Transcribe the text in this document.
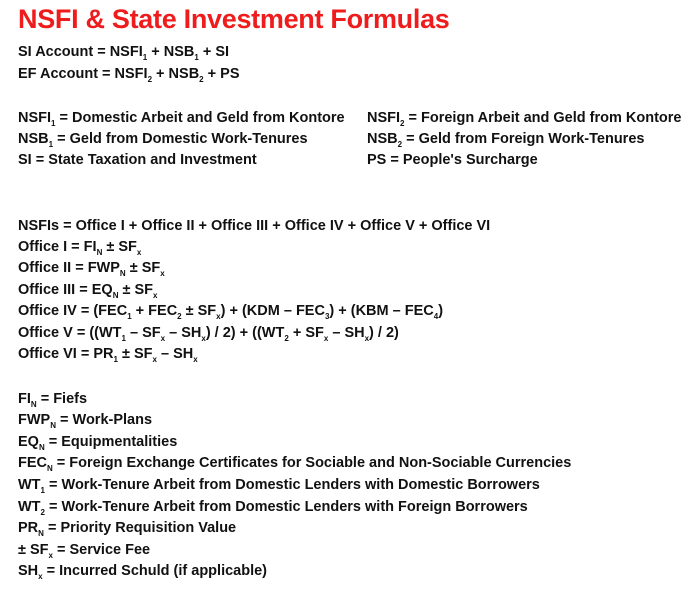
NSFI & State Investment Formulas
SI Account = $NSFI_1 + NSB_1$ + SI
EF Account = $NSFI_2 + NSB_2$ + PS
$NSFI_1$ = Domestic Arbeit and Geld from Kontore
$NSB_1$ = Geld from Domestic Work-Tenures
SI = State Taxation and Investment
$NSFI_2$ = Foreign Arbeit and Geld from Kontore
$NSB_2$ = Geld from Foreign Work-Tenures
PS = People's Surcharge
NSFIs = Office I + Office II + Office III + Office IV + Office V + Office VI
Office $I = FI_N \pm SF_x$
Office II = $FWP_N \pm SF_x$
Office III = $EQ_N \pm SF_x$
Office IV = $(FEC_1 + FEC_2 \pm SF_x) + (KDM - FEC_3) + (KBM - FEC_4)$
Office $V = ((WT_1 - SF_x - SH_x) / 2) + ((WT_2 + SF_x - SH_x) / 2)$
Office VI = $PR_1 \pm SF_x - SH_x$
$FI_N$ = Fiefs
$FWP_N$ = Work-Plans
$EQ_N$ = Equipmentalities
$FEC_N$ = Foreign Exchange Certificates for Sociable and Non-Sociable Currencies
$WT_1$ = Work-Tenure Arbeit from Domestic Lenders with Domestic Borrowers
$WT_2$ = Work-Tenure Arbeit from Domestic Lenders with Foreign Borrowers
$PR_N$ = Priority Requisition Value
± $SF_x$ = Service Fee
$SH_x$ = Incurred Schuld (if applicable)
